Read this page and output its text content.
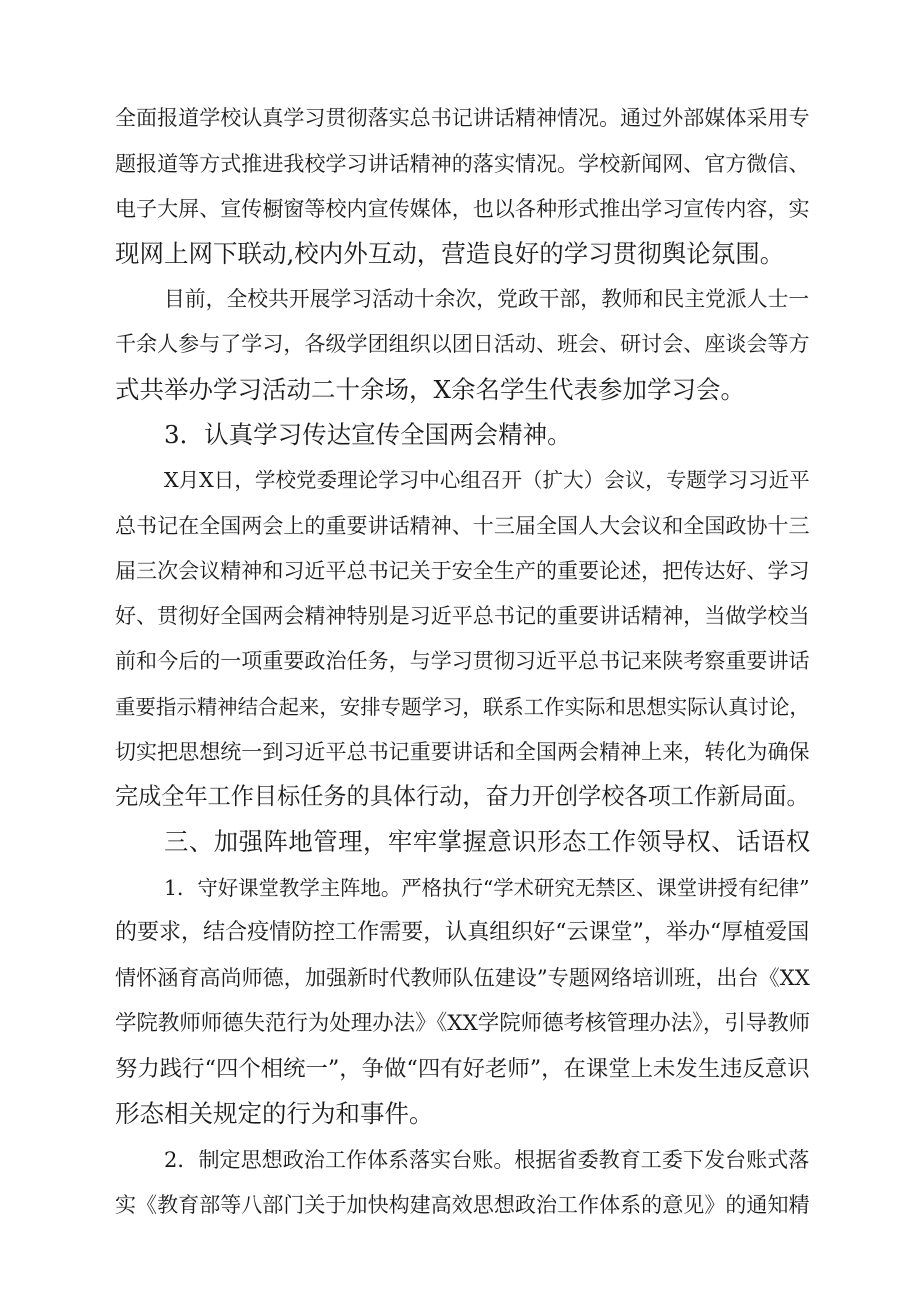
全面报道学校认真学习贯彻落实总书记讲话精神情况。通过外部媒体采用专
题报道等方式推进我校学习讲话精神的落实情况。学校新闻网、官方微信、
电子大屏、宣传橱窗等校内宣传媒体，也以各种形式推出学习宣传内容，实
现网上网下联动,校内外互动，营造良好的学习贯彻舆论氛围。
目前，全校共开展学习活动十余次，党政干部，教师和民主党派人士一
千余人参与了学习，各级学团组织以团日活动、班会、研讨会、座谈会等方
式共举办学习活动二十余场，X余名学生代表参加学习会。
3．认真学习传达宣传全国两会精神。
X月X日，学校党委理论学习中心组召开（扩大）会议，专题学习习近平
总书记在全国两会上的重要讲话精神、十三届全国人大会议和全国政协十三
届三次会议精神和习近平总书记关于安全生产的重要论述，把传达好、学习
好、贯彻好全国两会精神特别是习近平总书记的重要讲话精神，当做学校当
前和今后的一项重要政治任务，与学习贯彻习近平总书记来陕考察重要讲话
重要指示精神结合起来，安排专题学习，联系工作实际和思想实际认真讨论，
切实把思想统一到习近平总书记重要讲话和全国两会精神上来，转化为确保
完成全年工作目标任务的具体行动，奋力开创学校各项工作新局面。
三、加强阵地管理，牢牢掌握意识形态工作领导权、话语权
1．守好课堂教学主阵地。严格执行“学术研究无禁区、课堂讲授有纪律”
的要求，结合疫情防控工作需要，认真组织好“云课堂”，举办“厚植爱国
情怀涵育高尚师德，加强新时代教师队伍建设”专题网络培训班，出台《XX
学院教师师德失范行为处理办法》《XX学院师德考核管理办法》，引导教师
努力践行“四个相统一”，争做“四有好老师”，在课堂上未发生违反意识
形态相关规定的行为和事件。
2．制定思想政治工作体系落实台账。根据省委教育工委下发台账式落
实《教育部等八部门关于加快构建高效思想政治工作体系的意见》的通知精
